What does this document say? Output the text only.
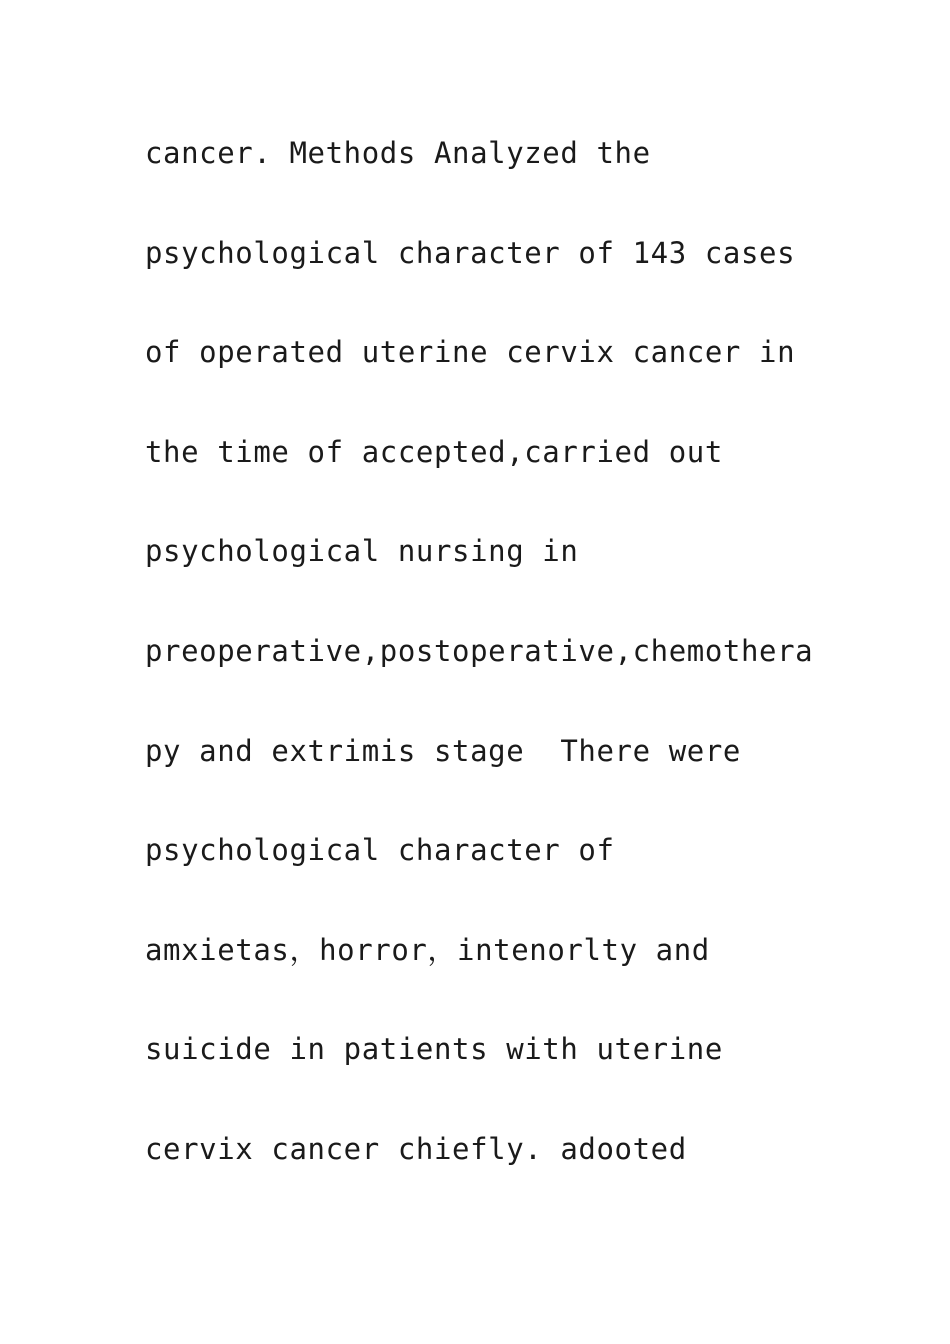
cancer. Methods Analyzed the
psychological character of 143 cases
of operated uterine cervix cancer in
the time of accepted,carried out
psychological nursing in
preoperative,postoperative,chemothera
py and extrimis stage  There were
psychological character of
amxietas，horror，intenorlty and
suicide in patients with uterine
cervix cancer chiefly. adooted
